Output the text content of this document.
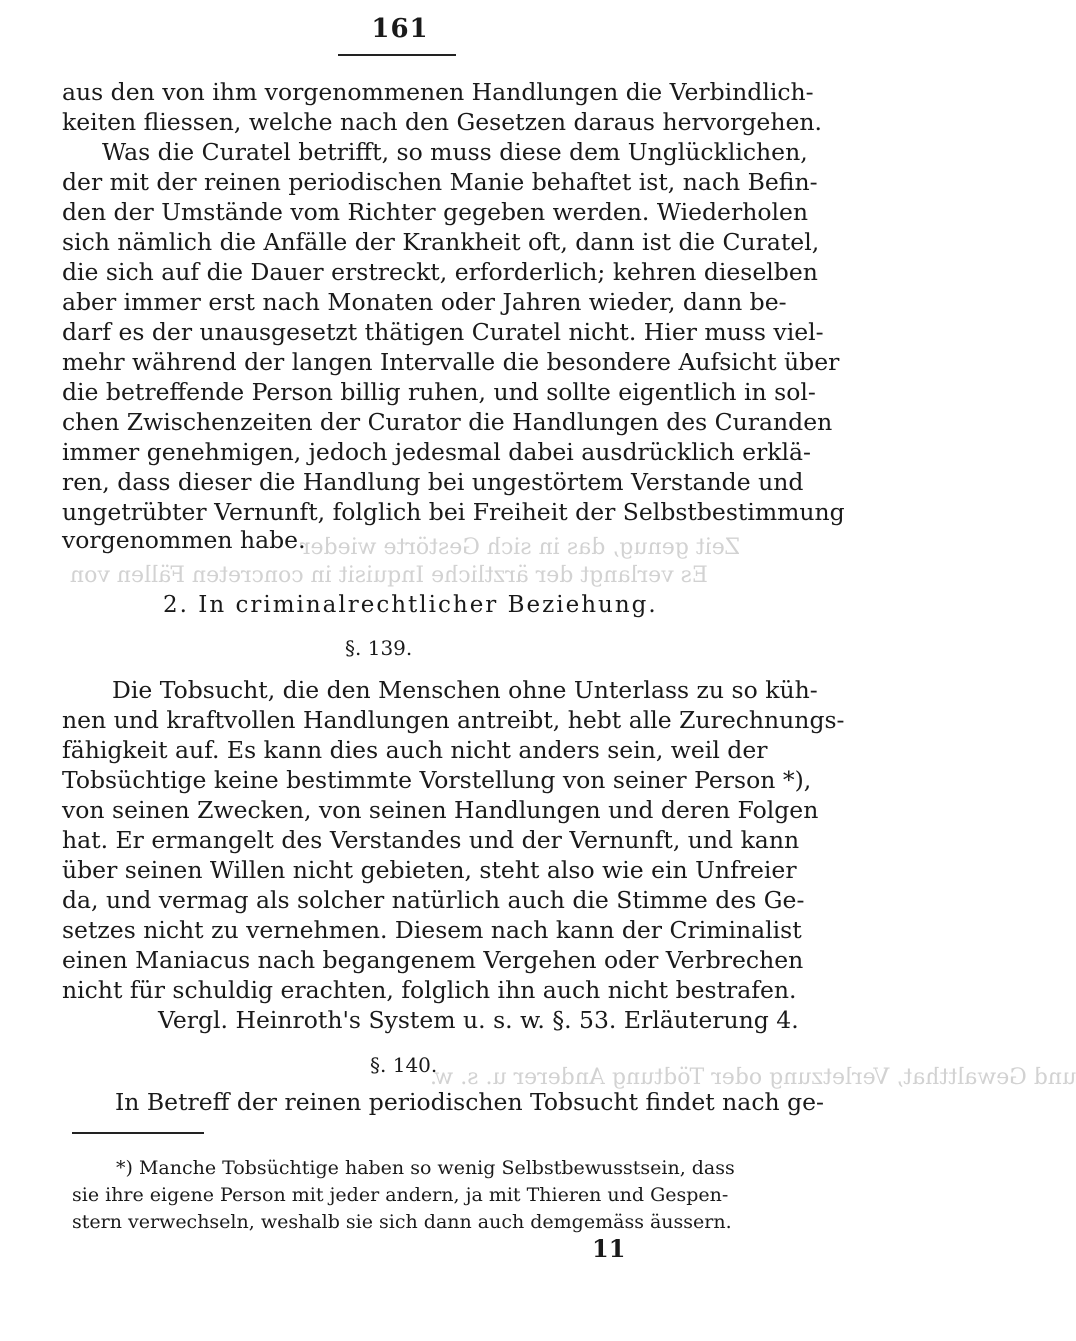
Zeit genug, das in sich Gestörte wieder
Es verlangt der ärztliche Inquisit in concreten Fällen von
und Gewaltthat, Verletzung oder Tödtung Anderer u. s. w.
161
aus den von ihm vorgenommenen Handlungen die Verbindlich-
keiten fliessen, welche nach den Gesetzen daraus hervorgehen.
Was die Curatel betrifft, so muss diese dem Unglücklichen,
der mit der reinen periodischen Manie behaftet ist, nach Befin-
den der Umstände vom Richter gegeben werden. Wiederholen
sich nämlich die Anfälle der Krankheit oft, dann ist die Curatel,
die sich auf die Dauer erstreckt, erforderlich; kehren dieselben
aber immer erst nach Monaten oder Jahren wieder, dann be-
darf es der unausgesetzt thätigen Curatel nicht. Hier muss viel-
mehr während der langen Intervalle die besondere Aufsicht über
die betreffende Person billig ruhen, und sollte eigentlich in sol-
chen Zwischenzeiten der Curator die Handlungen des Curanden
immer genehmigen, jedoch jedesmal dabei ausdrücklich erklä-
ren, dass dieser die Handlung bei ungestörtem Verstande und
ungetrübter Vernunft, folglich bei Freiheit der Selbstbestimmung
vorgenommen habe.
2. In criminalrechtlicher Beziehung.
§. 139.
Die Tobsucht, die den Menschen ohne Unterlass zu so küh-
nen und kraftvollen Handlungen antreibt, hebt alle Zurechnungs-
fähigkeit auf. Es kann dies auch nicht anders sein, weil der
Tobsüchtige keine bestimmte Vorstellung von seiner Person *),
von seinen Zwecken, von seinen Handlungen und deren Folgen
hat. Er ermangelt des Verstandes und der Vernunft, und kann
über seinen Willen nicht gebieten, steht also wie ein Unfreier
da, und vermag als solcher natürlich auch die Stimme des Ge-
setzes nicht zu vernehmen. Diesem nach kann der Criminalist
einen Maniacus nach begangenem Vergehen oder Verbrechen
nicht für schuldig erachten, folglich ihn auch nicht bestrafen.
Vergl. Heinroth's System u. s. w. §. 53. Erläuterung 4.
§. 140.
In Betreff der reinen periodischen Tobsucht findet nach ge-
*) Manche Tobsüchtige haben so wenig Selbstbewusstsein, dass
sie ihre eigene Person mit jeder andern, ja mit Thieren und Gespen-
stern verwechseln, weshalb sie sich dann auch demgemäss äussern.
11
